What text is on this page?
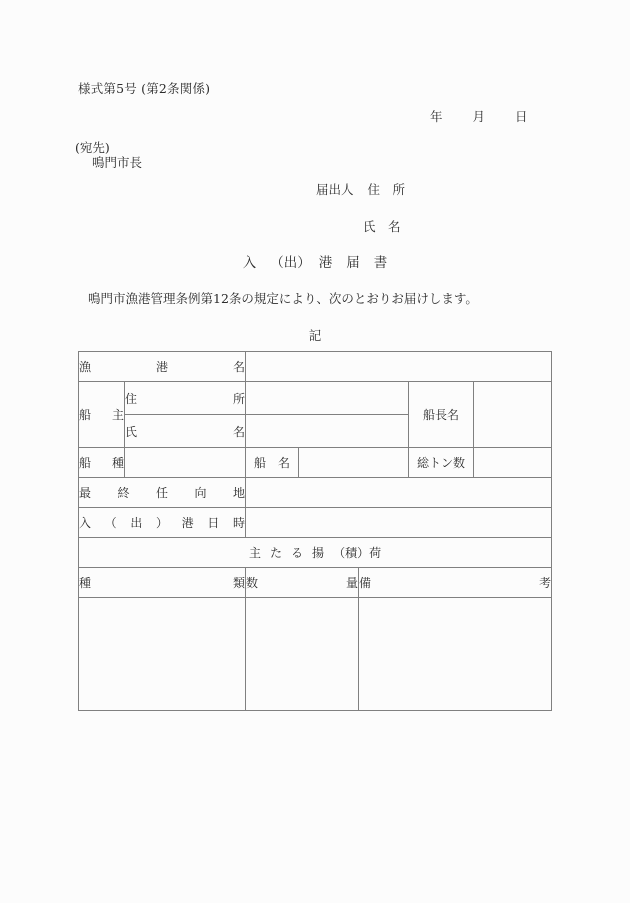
様式第5号 (第2条関係)
年 月 日
(宛先)
鳴門市長
届出人 住　所
氏　名
入 （出） 港 届 書
鳴門市漁港管理条例第12条の規定により、次のとおりお届けします。
記
漁港名						
船主	住　所				船長名	
	氏　名					
船種		船　名			総トン数	
最終任向地						
入（出）港日時						
主 た る 揚 （積）荷						
種類		数量		備考		
